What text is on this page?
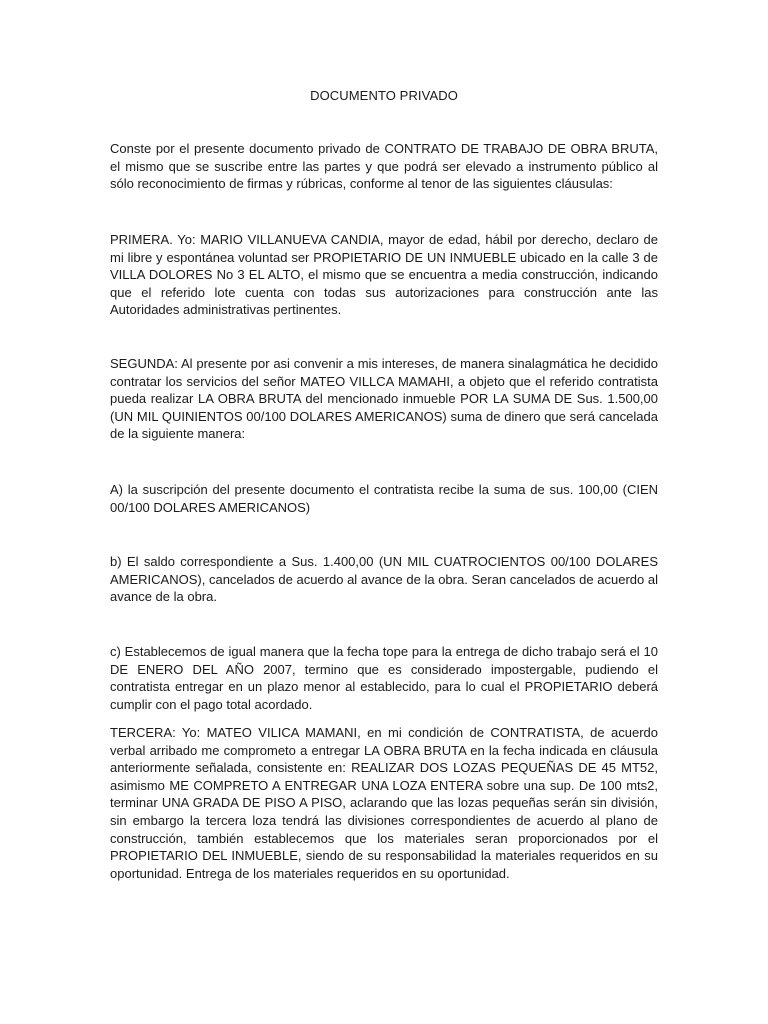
DOCUMENTO PRIVADO

Conste por el presente documento privado de CONTRATO DE TRABAJO DE OBRA BRUTA, el mismo que se suscribe entre las partes y que podrá ser elevado a instrumento público al sólo reconocimiento de firmas y rúbricas, conforme al tenor de las siguientes cláusulas:

PRIMERA. Yo: MARIO VILLANUEVA CANDIA, mayor de edad, hábil por derecho, declaro de mi libre y espontánea voluntad ser PROPIETARIO DE UN INMUEBLE ubicado en la calle 3 de VILLA DOLORES No 3 EL ALTO, el mismo que se encuentra a media construcción, indicando que el referido lote cuenta con todas sus autorizaciones para construcción ante las Autoridades administrativas pertinentes.

SEGUNDA: Al presente por asi convenir a mis intereses, de manera sinalagmática he decidido contratar los servicios del señor MATEO VILLCA MAMAHI, a objeto que el referido contratista pueda realizar LA OBRA BRUTA del mencionado inmueble POR LA SUMA DE Sus. 1.500,00 (UN MIL QUINIENTOS 00/100 DOLARES AMERICANOS) suma de dinero que será cancelada de la siguiente manera:

A) la suscripción del presente documento el contratista recibe la suma de sus. 100,00 (CIEN 00/100 DOLARES AMERICANOS)

b) El saldo correspondiente a Sus. 1.400,00 (UN MIL CUATROCIENTOS 00/100 DOLARES AMERICANOS), cancelados de acuerdo al avance de la obra. Seran cancelados de acuerdo al avance de la obra.

c) Establecemos de igual manera que la fecha tope para la entrega de dicho trabajo será el 10 DE ENERO DEL AÑO 2007, termino que es considerado impostergable, pudiendo el contratista entregar en un plazo menor al establecido, para lo cual el PROPIETARIO deberá cumplir con el pago total acordado.

TERCERA: Yo: MATEO VILICA MAMANI, en mi condición de CONTRATISTA, de acuerdo verbal arribado me comprometo a entregar LA OBRA BRUTA en la fecha indicada en cláusula anteriormente señalada, consistente en: REALIZAR DOS LOZAS PEQUEÑAS DE 45 MT52, asimismo ME COMPRETO A ENTREGAR UNA LOZA ENTERA sobre una sup. De 100 mts2, terminar UNA GRADA DE PISO A PISO, aclarando que las lozas pequeñas serán sin división, sin embargo la tercera loza tendrá las divisiones correspondientes de acuerdo al plano de construcción, también establecemos que los materiales seran proporcionados por el PROPIETARIO DEL INMUEBLE, siendo de su responsabilidad la materiales requeridos en su oportunidad. Entrega de los materiales requeridos en su oportunidad.
